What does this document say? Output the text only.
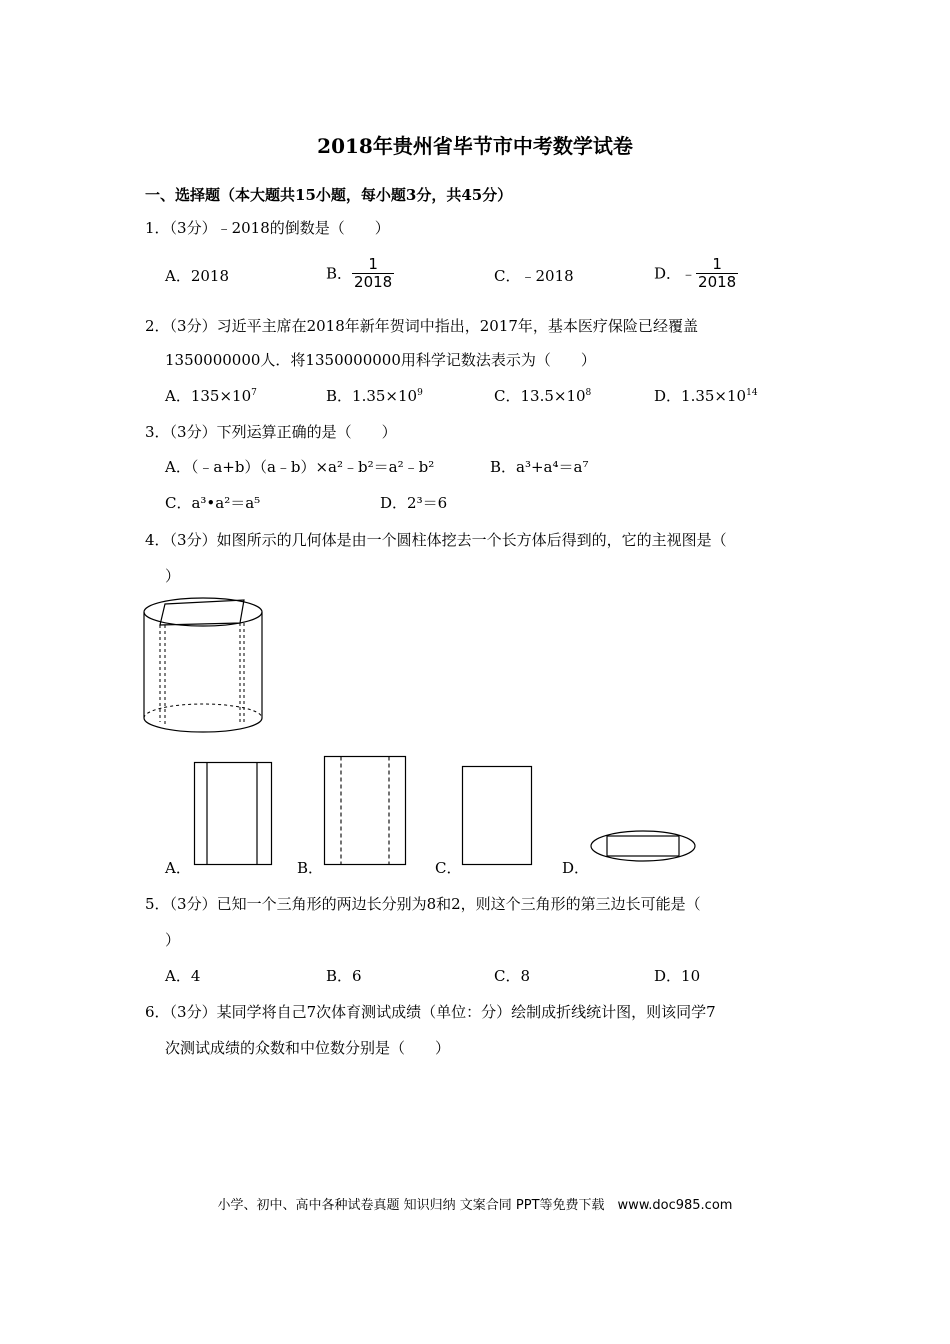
2018年贵州省毕节市中考数学试卷
一、选择题（本大题共15小题，每小题3分，共45分）
1．（3分）﹣2018的倒数是（　　）
A．2018	B． $\frac{1}{2018}$	C．﹣2018	D．﹣ $\frac{1}{2018}$
2．（3分）习近平主席在2018年新年贺词中指出，2017年，基本医疗保险已经覆盖
1350000000人．将1350000000用科学记数法表示为（　　）
A．$135\times 10^7$	B．$1.35\times 10^9$	C．$13.5\times 10^8$	D．$1.35\times 10^{14}$
3．（3分）下列运算正确的是（　　）
A．（﹣a+b）（a﹣b）×a²﹣b²＝a²﹣b²	B．a³+a⁴＝a⁷
C．a³•a²＝a⁵	D．2³＝6
4．（3分）如图所示的几何体是由一个圆柱体挖去一个长方体后得到的，它的主视图是（
）
A．	B．	C．	D．
5．（3分）已知一个三角形的两边长分别为8和2，则这个三角形的第三边长可能是（
）
A．4	B．6	C．8	D．10
6．（3分）某同学将自己7次体育测试成绩（单位：分）绘制成折线统计图，则该同学7
次测试成绩的众数和中位数分别是（　　）
小学、初中、高中各种试卷真题 知识归纳 文案合同 PPT等免费下载　www.doc985.com
